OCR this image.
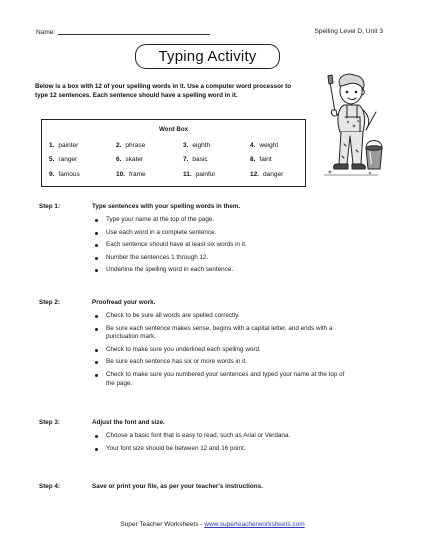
Name:	Spelling Level D, Unit 3
Typing Activity
Below is a box with 12 of your spelling words in it. Use a computer word processor to type 12 sentences. Each sentence should have a spelling word in it.
Word Box
1. painter	2. phrase	3. eighth	4. weight
5. ranger	6. skater	7. basic	8. faint
9. famous	10. frame	11. painful	12. danger
Step 1:	Type sentences with your spelling words in them.
Type your name at the top of the page.
Use each word in a complete sentence.
Each sentence should have at least six words in it.
Number the sentences 1 through 12.
Underline the spelling word in each sentence.
Step 2:	Proofread your work.
Check to be sure all words are spelled correctly.
Be sure each sentence makes sense, begins with a capital letter, and ends with a punctuation mark.
Check to make sure you underlined each spelling word.
Be sure each sentence has six or more words in it.
Check to make sure you numbered your sentences and typed your name at the top of the page.
Step 3:	Adjust the font and size.
Choose a basic font that is easy to read, such as Arial or Verdana.
Your font size should be between 12 and 16 point.
Step 4:	Save or print your file, as per your teacher's instructions.
Super Teacher Worksheets - www.superteacherworksheets.com
